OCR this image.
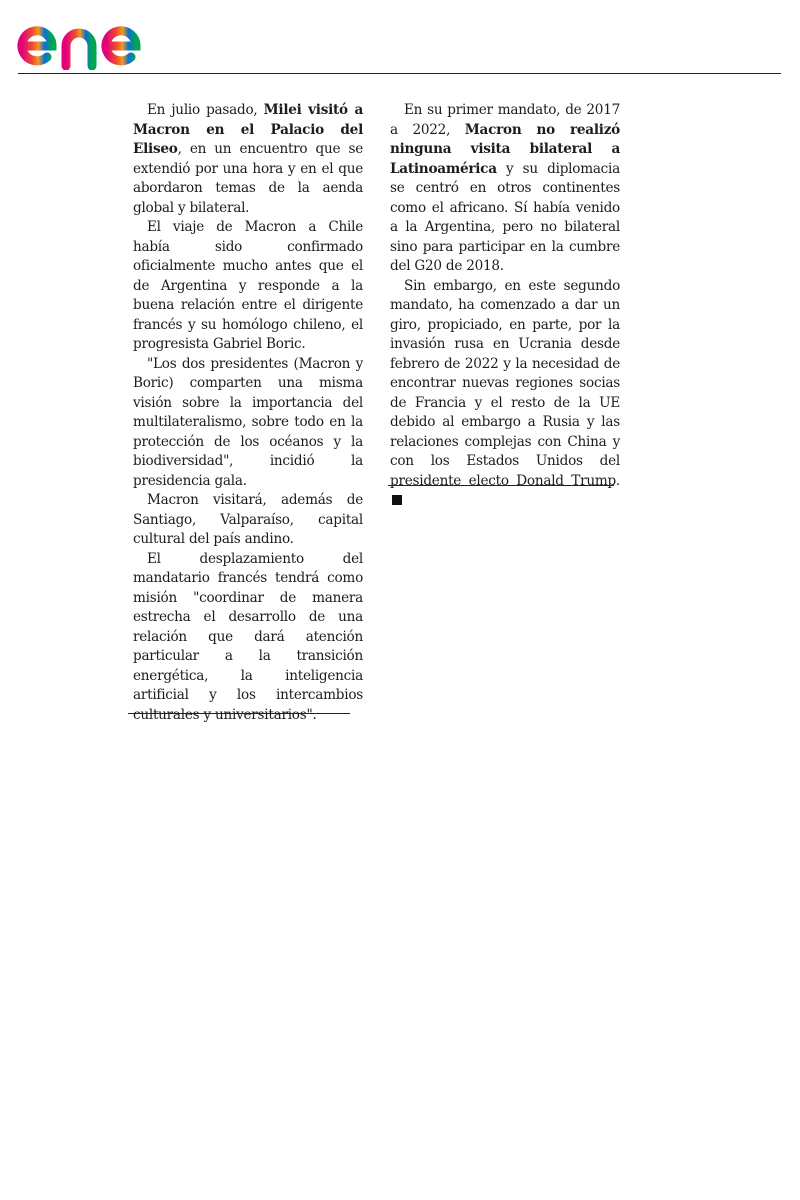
En julio pasado, Milei visitó a Macron en el Palacio del Eliseo, en un encuentro que se extendió por una hora y en el que abordaron temas de la aenda global y bilateral.

El viaje de Macron a Chile había sido confirmado oficialmente mucho antes que el de Argentina y responde a la buena relación entre el dirigente francés y su homólogo chileno, el progresista Gabriel Boric.

"Los dos presidentes (Macron y Boric) comparten una misma visión sobre la importancia del multilateralismo, sobre todo en la protección de los océanos y la biodiversidad", incidió la presidencia gala.

Macron visitará, además de Santiago, Valparaíso, capital cultural del país andino.

El desplazamiento del mandatario francés tendrá como misión "coordinar de manera estrecha el desarrollo de una relación que dará atención particular a la transición energética, la inteligencia artificial y los intercambios culturales y universitarios".

En su primer mandato, de 2017 a 2022, Macron no realizó ninguna visita bilateral a Latinoamérica y su diplomacia se centró en otros continentes como el africano. Sí había venido a la Argentina, pero no bilateral sino para participar en la cumbre del G20 de 2018.

Sin embargo, en este segundo mandato, ha comenzado a dar un giro, propiciado, en parte, por la invasión rusa en Ucrania desde febrero de 2022 y la necesidad de encontrar nuevas regiones socias de Francia y el resto de la UE debido al embargo a Rusia y las relaciones complejas con China y con los Estados Unidos del presidente electo Donald Trump.
